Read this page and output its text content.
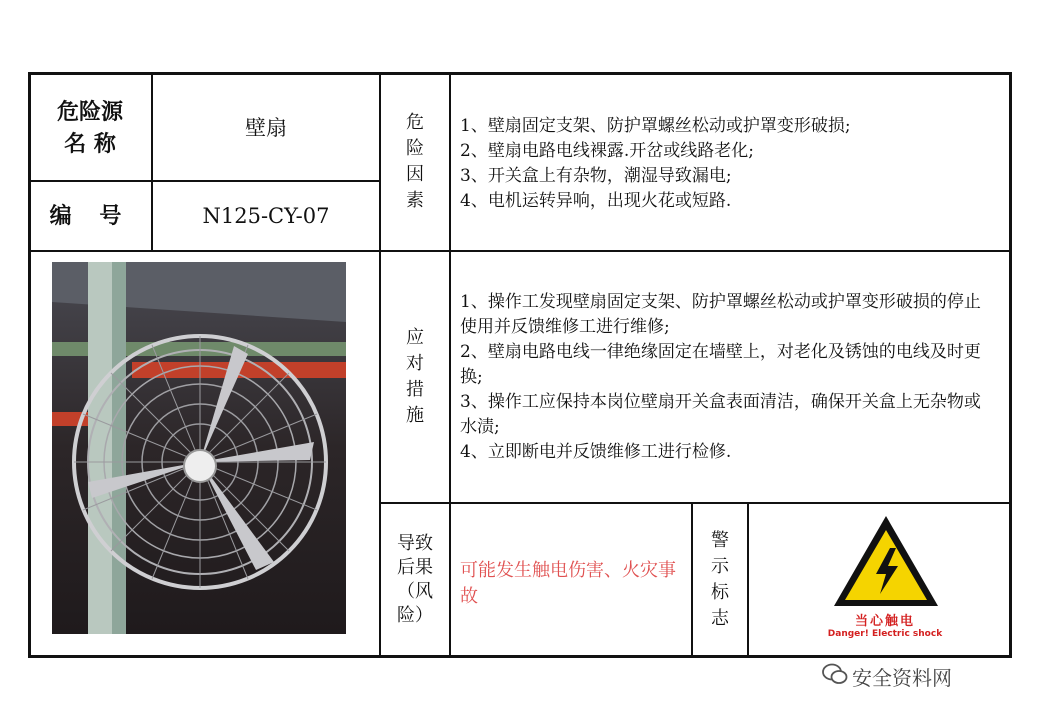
危险源名 称
壁扇
编 号	N125-CY-07
危险因素
1、壁扇固定支架、防护罩螺丝松动或护罩变形破损;
2、壁扇电路电线裸露.开岔或线路老化;
3、开关盒上有杂物，潮湿导致漏电;
4、电机运转异响，出现火花或短路.
应对措施
1、操作工发现壁扇固定支架、防护罩螺丝松动或护罩变形破损的停止使用并反馈维修工进行维修;
2、壁扇电路电线一律绝缘固定在墙壁上，对老化及锈蚀的电线及时更换;
3、操作工应保持本岗位壁扇开关盒表面清洁，确保开关盒上无杂物或水渍;
4、立即断电并反馈维修工进行检修.
导致后果（风险）
可能发生触电伤害、火灾事故
警示标志	当心触电
Danger! Electric shock
安全资料网
